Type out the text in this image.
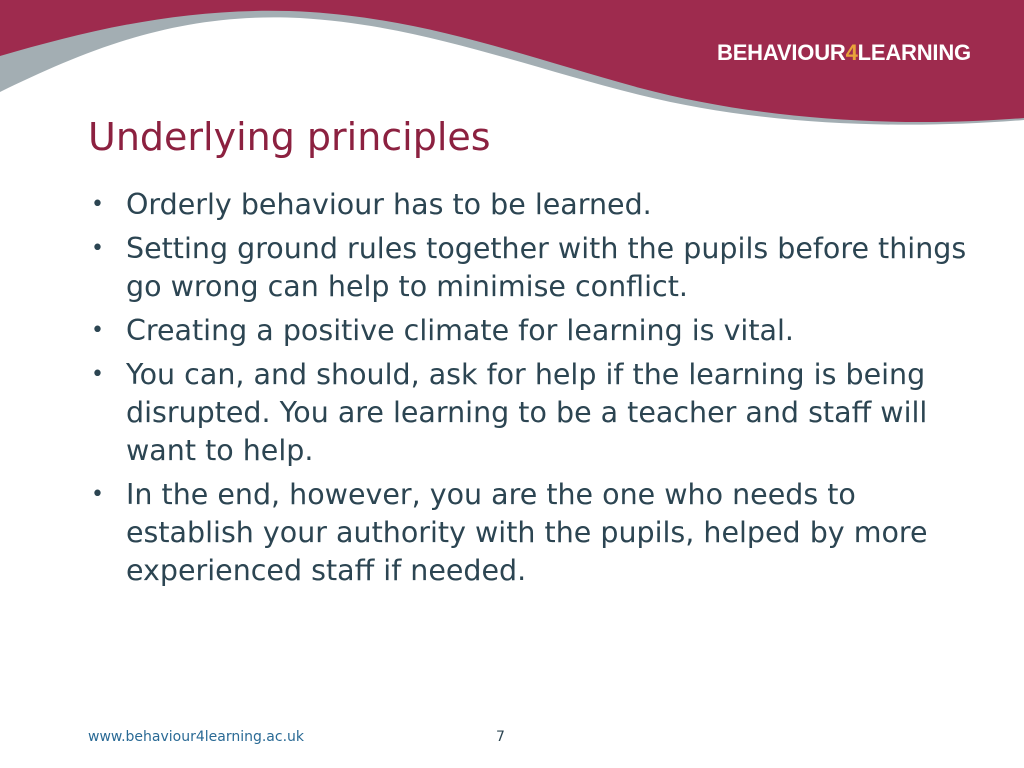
BEHAVIOUR4LEARNING
Underlying principles
• Orderly behaviour has to be learned.
• Setting ground rules together with the pupils before things go wrong can help to minimise conflict.
• Creating a positive climate for learning is vital.
• You can, and should, ask for help if the learning is being disrupted. You are learning to be a teacher and staff will want to help.
• In the end, however, you are the one who needs to establish your authority with the pupils, helped by more experienced staff if needed.
www.behaviour4learning.ac.uk	7
